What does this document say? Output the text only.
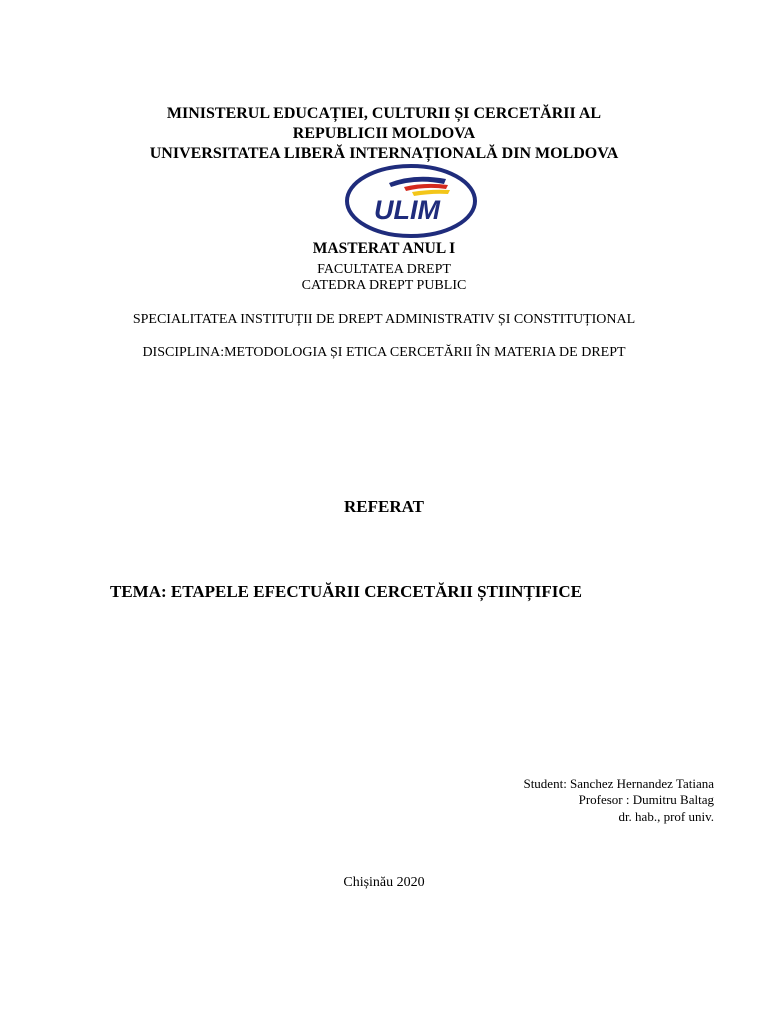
MINISTERUL EDUCAȚIEI, CULTURII ȘI CERCETĂRII AL
REPUBLICII MOLDOVA
UNIVERSITATEA LIBERĂ INTERNAȚIONALĂ DIN MOLDOVA
ULIM
MASTERAT ANUL I
FACULTATEA DREPT
CATEDRA DREPT PUBLIC
SPECIALITATEA INSTITUȚII DE DREPT ADMINISTRATIV ȘI CONSTITUȚIONAL
DISCIPLINA:METODOLOGIA ȘI ETICA CERCETĂRII ÎN MATERIA DE DREPT
REFERAT
TEMA: ETAPELE EFECTUĂRII CERCETĂRII ȘTIINȚIFICE
Student: Sanchez Hernandez Tatiana
Profesor : Dumitru Baltag
dr. hab., prof univ.
Chișinău 2020
